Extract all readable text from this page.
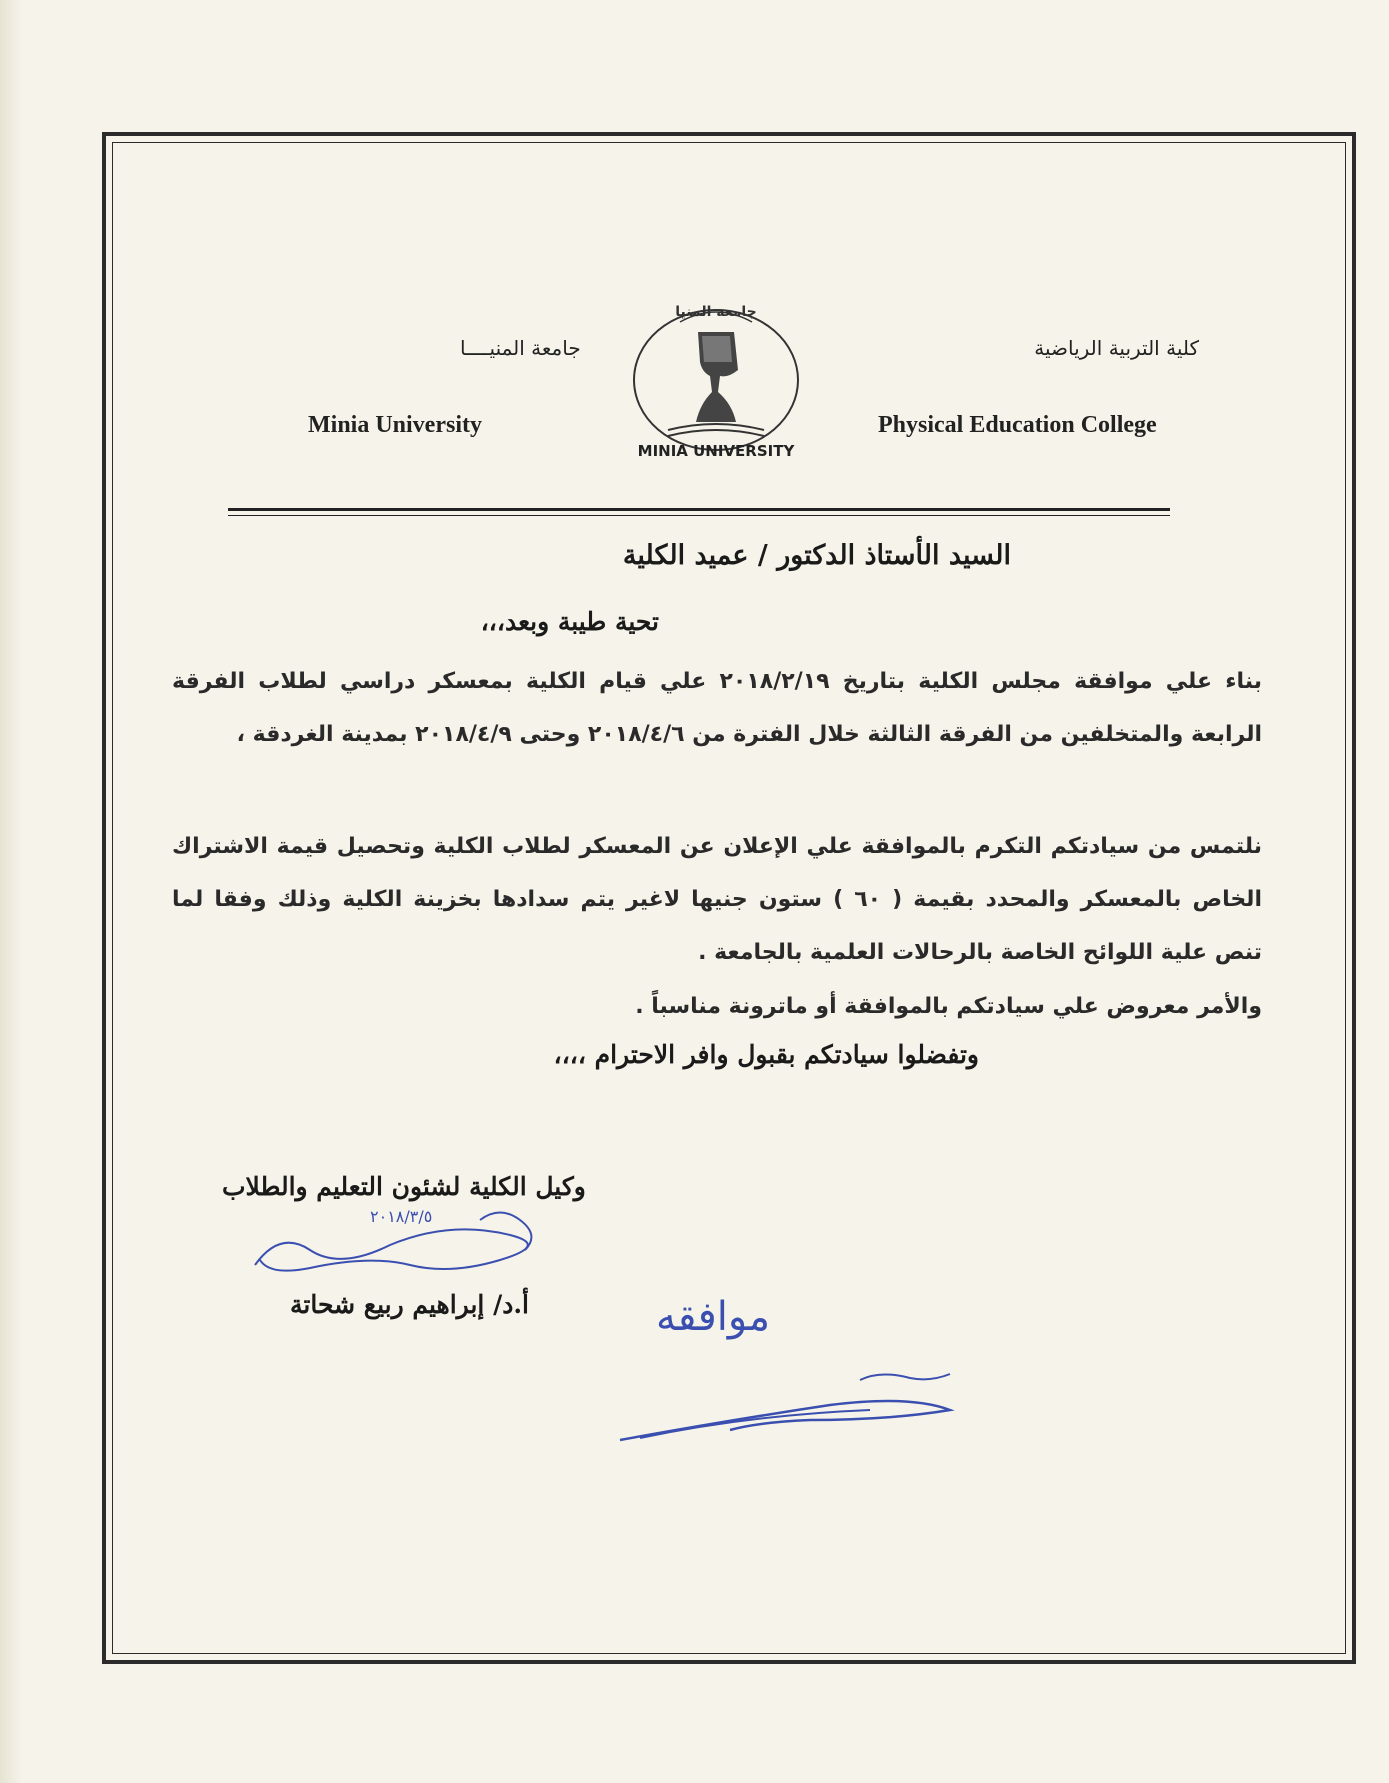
كلية التربية الرياضية
جامعة المنيــــا
Minia University	Physical Education College
جامعة المنيا
MINIA UNIVERSITY
السيد الأستاذ الدكتور / عميد الكلية
تحية طيبة وبعد،،،
بناء علي موافقة مجلس الكلية بتاريخ ٢٠١٨/٢/١٩ علي قيام الكلية بمعسكر دراسي لطلاب الفرقة الرابعة والمتخلفين من الفرقة الثالثة خلال الفترة من ٢٠١٨/٤/٦ وحتى ٢٠١٨/٤/٩ بمدينة الغردقة ،
نلتمس من سيادتكم التكرم بالموافقة علي الإعلان عن المعسكر لطلاب الكلية وتحصيل قيمة الاشتراك الخاص بالمعسكر والمحدد بقيمة ( ٦٠ ) ستون جنيها لاغير يتم سدادها بخزينة الكلية وذلك وفقا لما تنص علية اللوائح الخاصة بالرحالات العلمية بالجامعة .
والأمر معروض علي سيادتكم بالموافقة أو ماترونة مناسباً .
وتفضلوا سيادتكم بقبول وافر الاحترام ،،،،
وكيل الكلية لشئون التعليم والطلاب
٢٠١٨/٣/٥
أ.د/ إبراهيم ربيع شحاتة	موافقه
